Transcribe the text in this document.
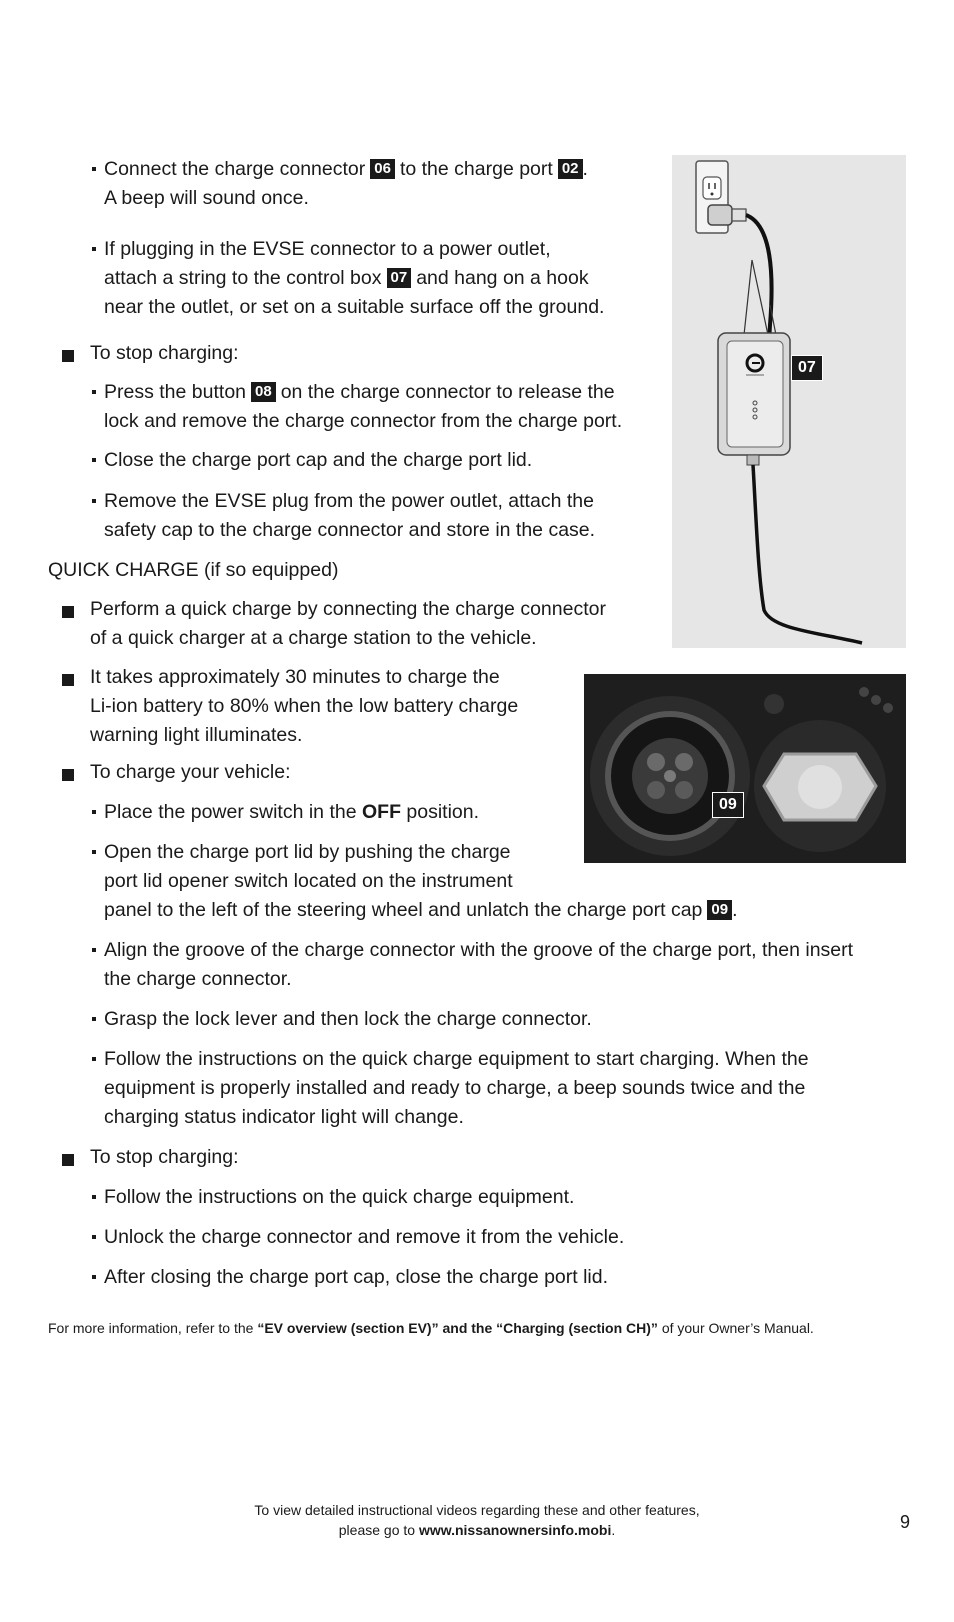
Connect the charge connector 06 to the charge port 02 .
A beep will sound once.
If plugging in the EVSE connector to a power outlet,
attach a string to the control box 07 and hang on a hook
near the outlet, or set on a suitable surface off the ground.
To stop charging:
Press the button 08 on the charge connector to release the
lock and remove the charge connector from the charge port.
Close the charge port cap and the charge port lid.
Remove the EVSE plug from the power outlet, attach the
safety cap to the charge connector and store in the case.
QUICK CHARGE (if so equipped)
Perform a quick charge by connecting the charge connector
of a quick charger at a charge station to the vehicle.
It takes approximately 30 minutes to charge the
Li-ion battery to 80% when the low battery charge
warning light illuminates.
To charge your vehicle:
Place the power switch in the OFF position.
Open the charge port lid by pushing the charge
port lid opener switch located on the instrument
panel to the left of the steering wheel and unlatch the charge port cap 09 .
Align the groove of the charge connector with the groove of the charge port, then insert
the charge connector.
Grasp the lock lever and then lock the charge connector.
Follow the instructions on the quick charge equipment to start charging. When the
equipment is properly installed and ready to charge, a beep sounds twice and the
charging status indicator light will change.
To stop charging:
Follow the instructions on the quick charge equipment.
Unlock the charge connector and remove it from the vehicle.
After closing the charge port cap, close the charge port lid.
For more information, refer to the “EV overview (section EV)” and the “Charging (section CH)” of your Owner’s Manual.
07
09
To view detailed instructional videos regarding these and other features,
please go to www.nissanownersinfo.mobi.	9
